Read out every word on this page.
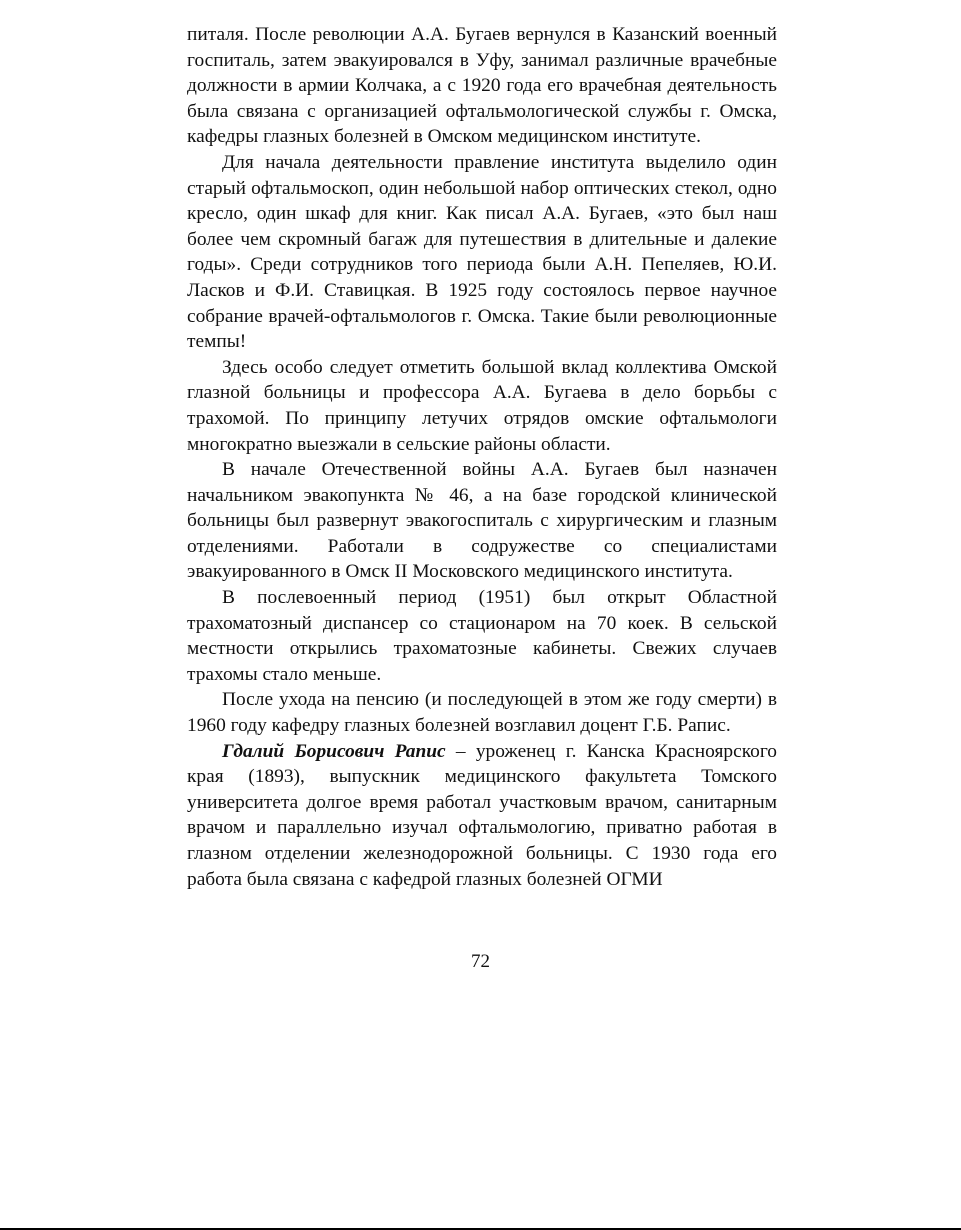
питаля. После революции А.А. Бугаев вернулся в Казанский военный госпиталь, затем эвакуировался в Уфу, занимал различные врачебные должности в армии Колчака, а с 1920 года его врачебная деятельность была связана с организацией офтальмологической службы г. Омска, кафедры глазных болезней в Омском медицинском институте.

Для начала деятельности правление института выделило один старый офтальмоскоп, один небольшой набор оптических стекол, одно кресло, один шкаф для книг. Как писал А.А. Бугаев, «это был наш более чем скромный багаж для путешествия в длительные и далекие годы». Среди сотрудников того периода были А.Н. Пепеляев, Ю.И. Ласков и Ф.И. Ставицкая. В 1925 году состоялось первое научное собрание врачей-офтальмологов г. Омска. Такие были революционные темпы!

Здесь особо следует отметить большой вклад коллектива Омской глазной больницы и профессора А.А. Бугаева в дело борьбы с трахомой. По принципу летучих отрядов омские офтальмологи многократно выезжали в сельские районы области.

В начале Отечественной войны А.А. Бугаев был назначен начальником эвакопункта № 46, а на базе городской клинической больницы был развернут эвакогоспиталь с хирургическим и глазным отделениями. Работали в содружестве со специалистами эвакуированного в Омск II Московского медицинского института.

В послевоенный период (1951) был открыт Областной трахоматозный диспансер со стационаром на 70 коек. В сельской местности открылись трахоматозные кабинеты. Свежих случаев трахомы стало меньше.

После ухода на пенсию (и последующей в этом же году смерти) в 1960 году кафедру глазных болезней возглавил доцент Г.Б. Рапис.

Гдалий Борисович Рапис – уроженец г. Канска Красноярского края (1893), выпускник медицинского факультета Томского университета долгое время работал участковым врачом, санитарным врачом и параллельно изучал офтальмологию, приватно работая в глазном отделении железнодорожной больницы. С 1930 года его работа была связана с кафедрой глазных болезней ОГМИ

72
